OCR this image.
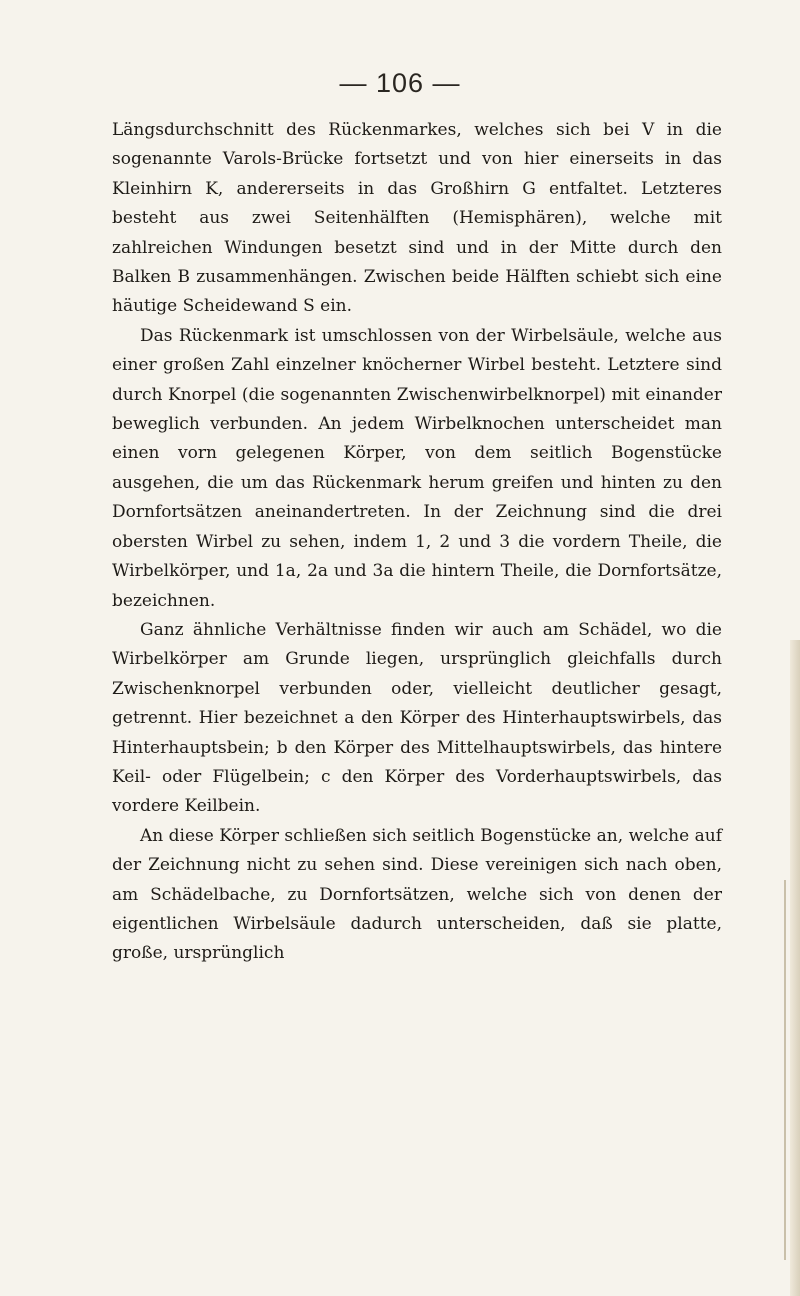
— 106 —

Längsdurchschnitt des Rückenmarkes, welches sich bei V in die sogenannte Varols-Brücke fortsetzt und von hier einerseits in das Kleinhirn K, andererseits in das Großhirn G entfaltet. Letzteres besteht aus zwei Seitenhälften (Hemisphären), welche mit zahlreichen Windungen besetzt sind und in der Mitte durch den Balken B zusammenhängen. Zwischen beide Hälften schiebt sich eine häutige Scheidewand S ein.

Das Rückenmark ist umschlossen von der Wirbelsäule, welche aus einer großen Zahl einzelner knöcherner Wirbel besteht. Letztere sind durch Knorpel (die sogenannten Zwischenwirbelknorpel) mit einander beweglich verbunden. An jedem Wirbelknochen unterscheidet man einen vorn gelegenen Körper, von dem seitlich Bogenstücke ausgehen, die um das Rückenmark herum greifen und hinten zu den Dornfortsätzen aneinandertreten. In der Zeichnung sind die drei obersten Wirbel zu sehen, indem 1, 2 und 3 die vordern Theile, die Wirbelkörper, und 1a, 2a und 3a die hintern Theile, die Dornfortsätze, bezeichnen.

Ganz ähnliche Verhältnisse finden wir auch am Schädel, wo die Wirbelkörper am Grunde liegen, ursprünglich gleichfalls durch Zwischenknorpel verbunden oder, vielleicht deutlicher gesagt, getrennt. Hier bezeichnet a den Körper des Hinterhauptswirbels, das Hinterhauptsbein; b den Körper des Mittelhauptswirbels, das hintere Keil- oder Flügelbein; c den Körper des Vorderhauptswirbels, das vordere Keilbein.

An diese Körper schließen sich seitlich Bogenstücke an, welche auf der Zeichnung nicht zu sehen sind. Diese vereinigen sich nach oben, am Schädelbache, zu Dornfortsätzen, welche sich von denen der eigentlichen Wirbelsäule dadurch unterscheiden, daß sie platte, große, ursprünglich
